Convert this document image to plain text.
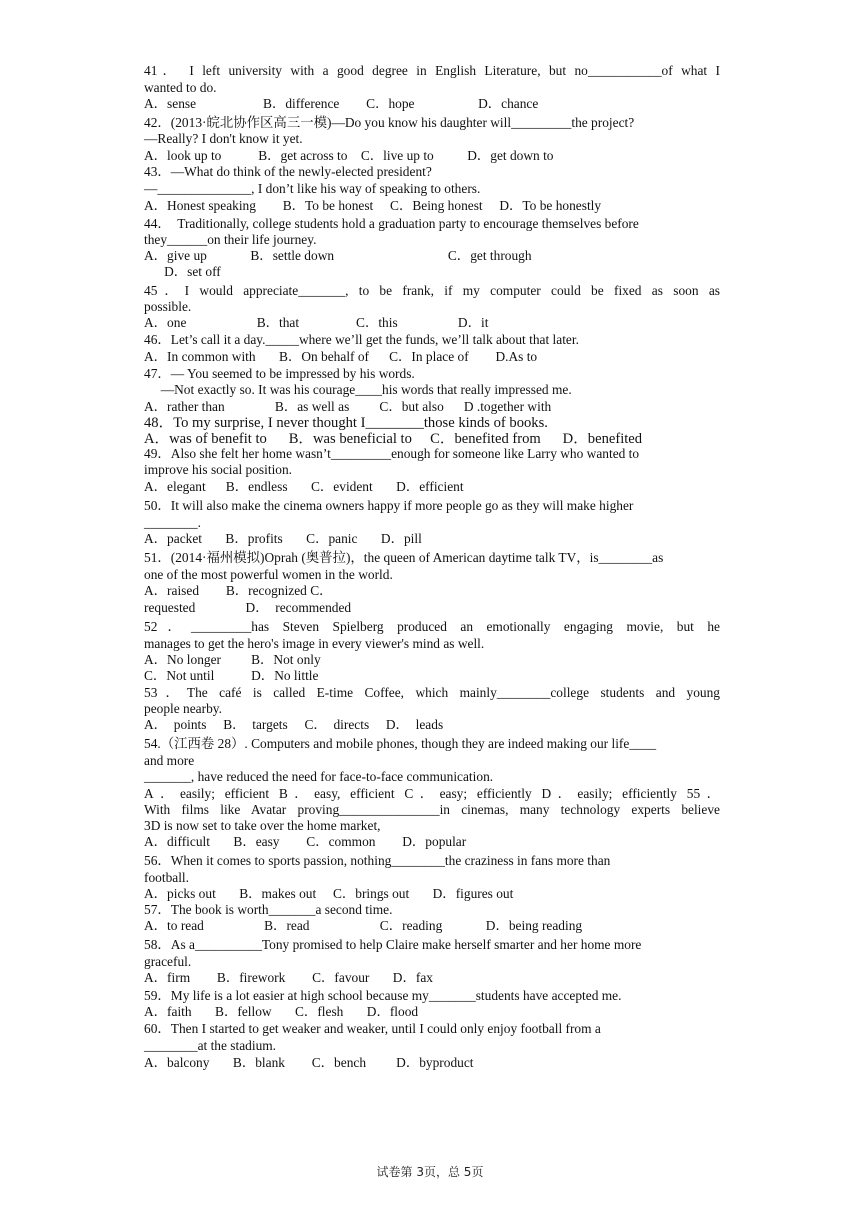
41． I left university with a good degree in English Literature, but no___________of what I
wanted to do.
A．sense                    B．difference        C．hope                   D．chance
42．(2013·皖北协作区高三一模)—Do you know his daughter will_________the project?
—Really? I don't know it yet.
A．look up to           B．get across to    C．live up to          D．get down to
43．—What do think of the newly-elected president?
—______________, I don’t like his way of speaking to others.
A．Honest speaking        B．To be honest     C．Being honest     D．To be honestly
44．  Traditionally, college students hold a graduation party to encourage themselves before
they______on their life journey.
A．give up             B．settle down                                  C．get through
D．set off
45．I would appreciate_______, to be frank, if my computer could be fixed as soon as
possible.
A．one                     B．that                 C．this                  D．it
46．Let’s call it a day._____where we’ll get the funds, we’ll talk about that later.
A．In common with       B．On behalf of      C．In place of        D.As to
47．— You seemed to be impressed by his words.
—Not exactly so. It was his courage____his words that really impressed me.
A．rather than               B．as well as         C．but also      D .together with
48．To my surprise, I never thought I________those kinds of books.
A．was of benefit to      B．was beneficial to     C．benefited from      D．benefited
49．Also she felt her home wasn’t_________enough for someone like Larry who wanted to
improve his social position.
A．elegant      B．endless       C．evident       D．efficient
50．It will also make the cinema owners happy if more people go as they will make higher
________.
A．packet       B．profits       C．panic       D．pill
51．(2014·福州模拟)Oprah (奥普拉)，the queen of American daytime talk TV，is________as
one of the most powerful women in the world.
A．raised        B．recognized C．
requested               D．  recommended
52．_________has Steven Spielberg produced an emotionally engaging movie, but he
manages to get the hero's image in every viewer's mind as well.
A．No longer         B．Not only
C．Not until           D．No little
53．The café is called E-time Coffee, which mainly________college students and young
people nearby.
A．  points     B．  targets     C．  directs     D．  leads
54.（江西卷 28）. Computers and mobile phones, though they are indeed making our life____
and more
_______, have reduced the need for face-to-face communication.
A．easily; efficient B．easy, efficient C．easy; efficiently D．easily; efficiently 55．
With films like Avatar proving_______________in cinemas, many technology experts believe
3D is now set to take over the home market,
A．difficult       B．easy        C．common        D．popular
56．When it comes to sports passion, nothing________the craziness in fans more than
football.
A．picks out       B．makes out     C．brings out       D．figures out
57．The book is worth_______a second time.
A．to read                  B．read                     C．reading             D．being reading
58．As a__________Tony promised to help Claire make herself smarter and her home more
graceful.
A．firm        B．firework        C．favour       D．fax
59．My life is a lot easier at high school because my_______students have accepted me.
A．faith       B．fellow       C．flesh       D．flood
60．Then I started to get weaker and weaker, until I could only enjoy football from a
________at the stadium.
A．balcony       B．blank        C．bench         D．byproduct
试卷第 3页，总 5页
